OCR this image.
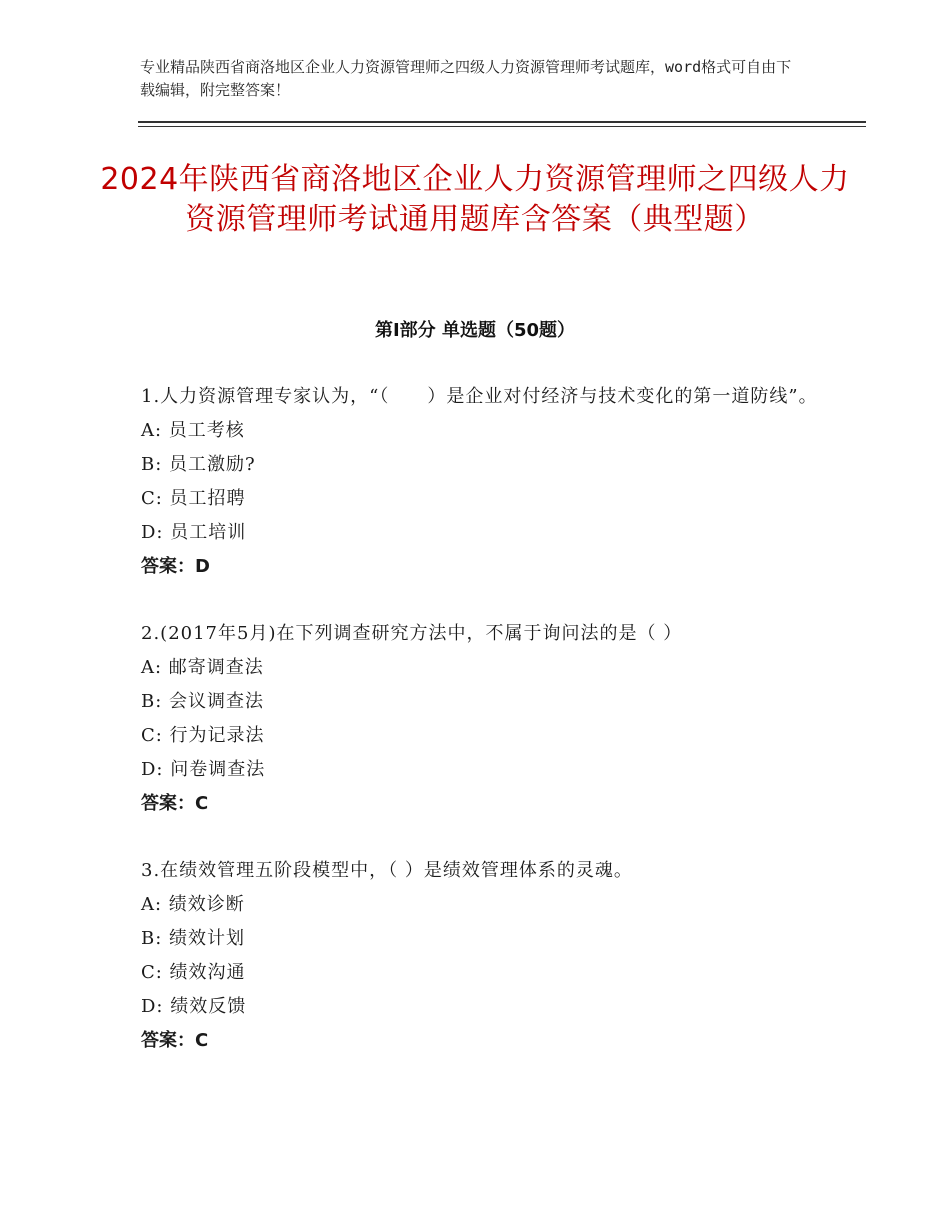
专业精品陕西省商洛地区企业人力资源管理师之四级人力资源管理师考试题库，word格式可自由下载编辑，附完整答案！
2024年陕西省商洛地区企业人力资源管理师之四级人力资源管理师考试通用题库含答案（典型题）
第Ⅰ部分 单选题（50题）
1.人力资源管理专家认为，“（　　）是企业对付经济与技术变化的第一道防线”。
A: 员工考核
B: 员工激励?
C: 员工招聘
D: 员工培训
答案：D
2.(2017年5月)在下列调查研究方法中，不属于询问法的是（ ）
A: 邮寄调查法
B: 会议调查法
C: 行为记录法
D: 问卷调查法
答案：C
3.在绩效管理五阶段模型中，（ ）是绩效管理体系的灵魂。
A: 绩效诊断
B: 绩效计划
C: 绩效沟通
D: 绩效反馈
答案：C
